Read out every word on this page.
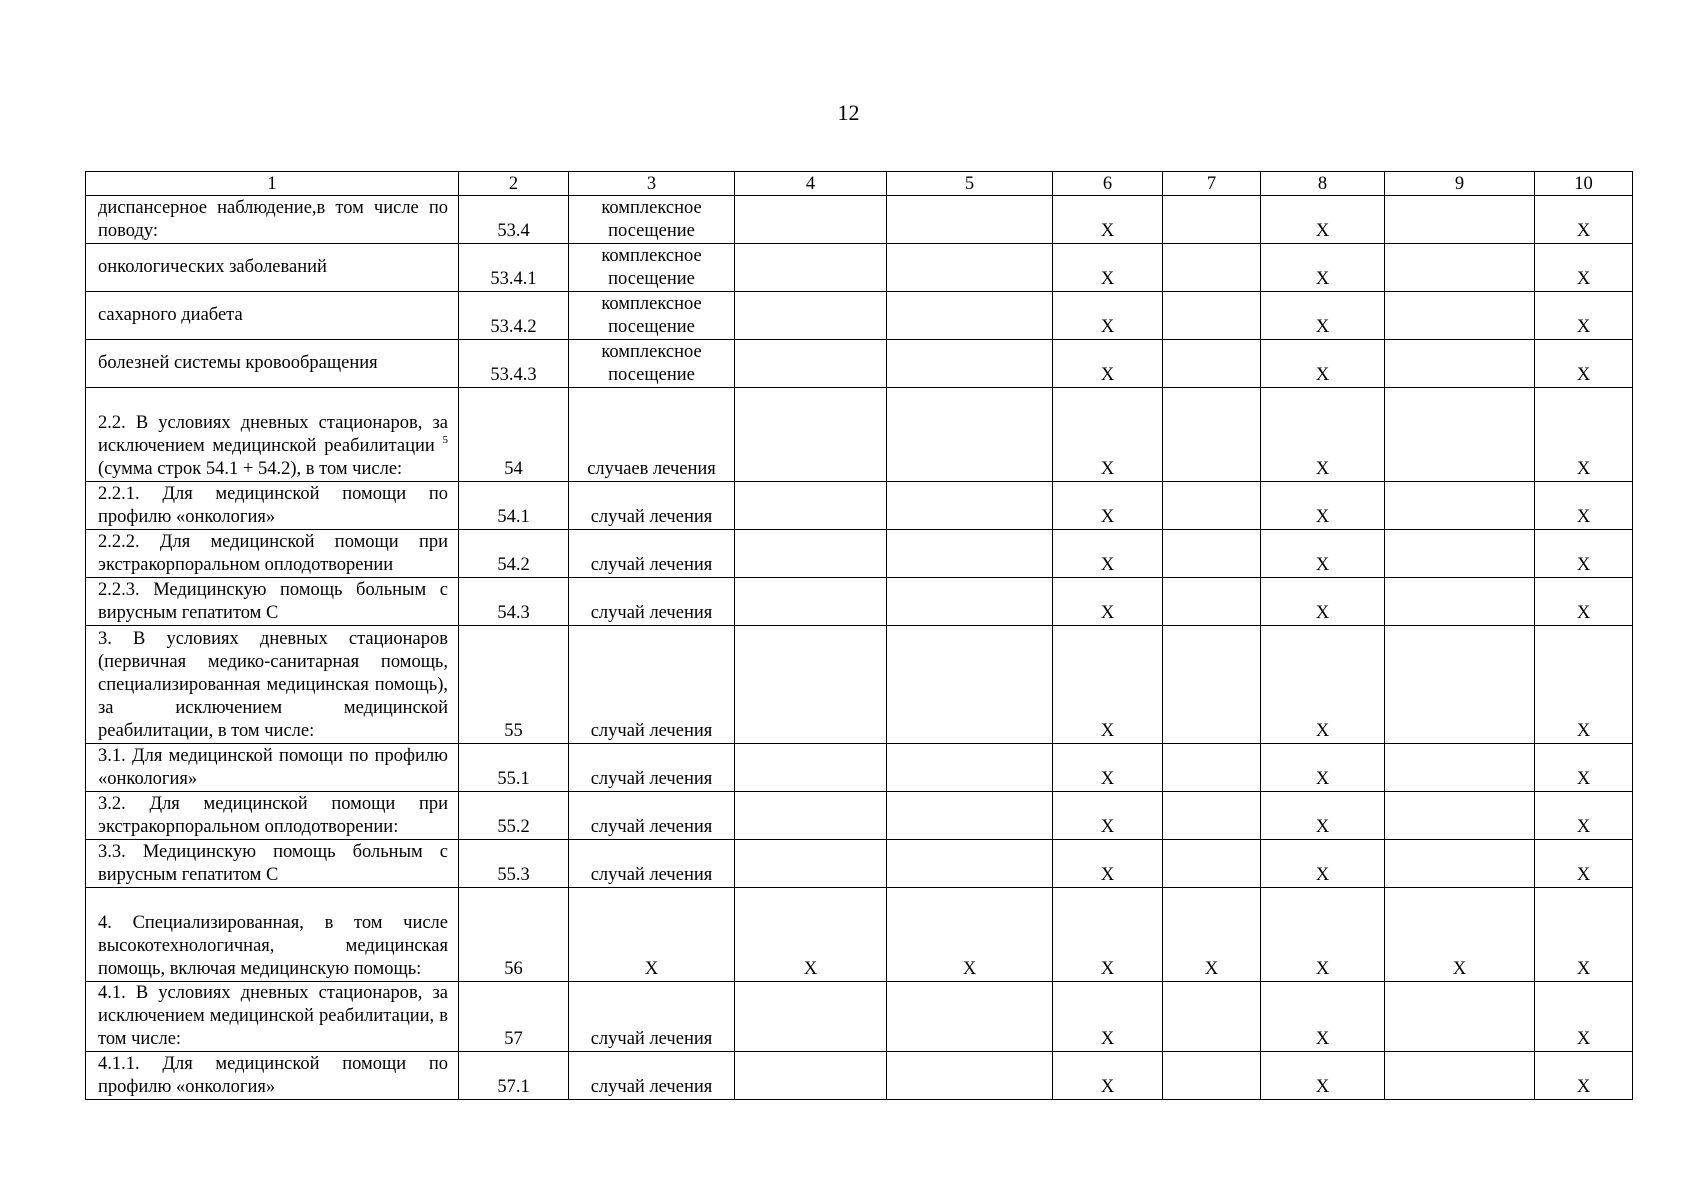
12
1	2	3	4	5	6	7	8	9	10
диспансерное наблюдение,в том числе по поводу:	53.4	комплексное посещение			X		X		X
онкологических заболеваний	53.4.1	комплексное посещение			X		X		X
сахарного диабета	53.4.2	комплексное посещение			X		X		X
болезней системы кровообращения	53.4.3	комплексное посещение			X		X		X
2.2. В условиях дневных стационаров, за исключением медицинской реабилитации $^5$ (сумма строк 54.1 + 54.2), в том числе:	54	случаев лечения			X		X		X
2.2.1. Для медицинской помощи по профилю «онкология»	54.1	случай лечения			X		X		X
2.2.2. Для медицинской помощи при экстракорпоральном оплодотворении	54.2	случай лечения			X		X		X
2.2.3. Медицинскую помощь больным с вирусным гепатитом С	54.3	случай лечения			X		X		X
3. В условиях дневных стационаров (первичная медико-санитарная помощь, специализированная медицинская помощь), за исключением медицинской реабилитации, в том числе:	55	случай лечения			X		X		X
3.1. Для медицинской помощи по профилю «онкология»	55.1	случай лечения			X		X		X
3.2. Для медицинской помощи при экстракорпоральном оплодотворении:	55.2	случай лечения			X		X		X
3.3. Медицинскую помощь больным с вирусным гепатитом С	55.3	случай лечения			X		X		X
4. Специализированная, в том числе высокотехнологичная, медицинская помощь, включая медицинскую помощь:	56	X	X	X	X	X	X	X	X
4.1. В условиях дневных стационаров, за исключением медицинской реабилитации, в том числе:	57	случай лечения			X		X		X
4.1.1. Для медицинской помощи по профилю «онкология»	57.1	случай лечения			X		X		X
